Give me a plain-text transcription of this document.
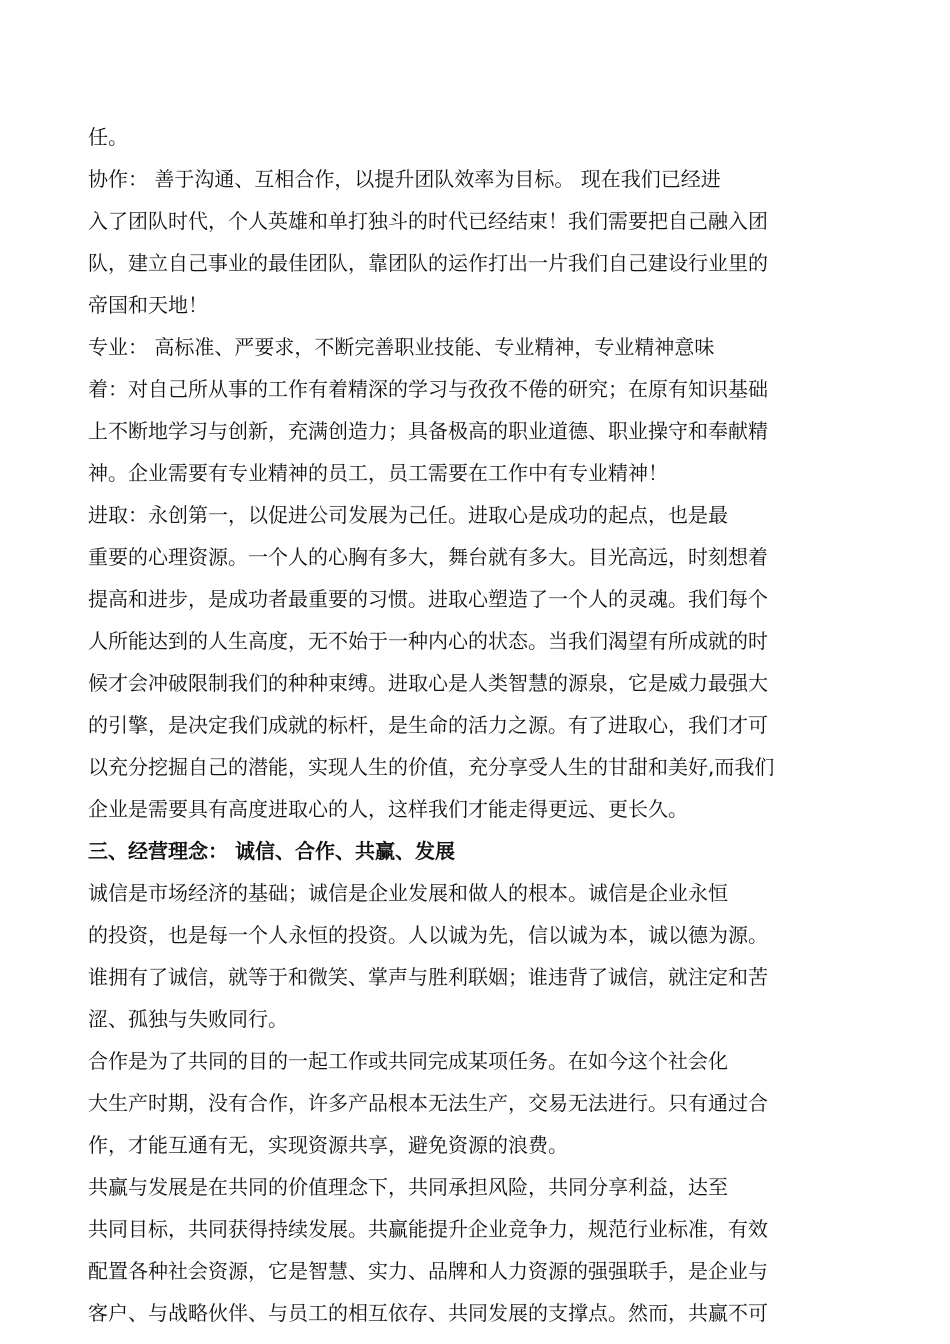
任。
协作： 善于沟通、互相合作，以提升团队效率为目标。 现在我们已经进
入了团队时代，个人英雄和单打独斗的时代已经结束！我们需要把自己融入团
队，建立自己事业的最佳团队，靠团队的运作打出一片我们自己建设行业里的
帝国和天地！
专业： 高标准、严要求，不断完善职业技能、专业精神，专业精神意味
着：对自己所从事的工作有着精深的学习与孜孜不倦的研究；在原有知识基础
上不断地学习与创新，充满创造力；具备极高的职业道德、职业操守和奉献精
神。企业需要有专业精神的员工，员工需要在工作中有专业精神！
进取：永创第一，以促进公司发展为己任。进取心是成功的起点，也是最
重要的心理资源。一个人的心胸有多大，舞台就有多大。目光高远，时刻想着
提高和进步，是成功者最重要的习惯。进取心塑造了一个人的灵魂。我们每个
人所能达到的人生高度，无不始于一种内心的状态。当我们渴望有所成就的时
候才会冲破限制我们的种种束缚。进取心是人类智慧的源泉，它是威力最强大
的引擎，是决定我们成就的标杆，是生命的活力之源。有了进取心，我们才可
以充分挖掘自己的潜能，实现人生的价值，充分享受人生的甘甜和美好,而我们
企业是需要具有高度进取心的人，这样我们才能走得更远、更长久。
三、经营理念： 诚信、合作、共赢、发展
诚信是市场经济的基础；诚信是企业发展和做人的根本。诚信是企业永恒
的投资，也是每一个人永恒的投资。人以诚为先，信以诚为本，诚以德为源。
谁拥有了诚信，就等于和微笑、掌声与胜利联姻；谁违背了诚信，就注定和苦
涩、孤独与失败同行。
合作是为了共同的目的一起工作或共同完成某项任务。在如今这个社会化
大生产时期，没有合作，许多产品根本无法生产，交易无法进行。只有通过合
作，才能互通有无，实现资源共享，避免资源的浪费。
共赢与发展是在共同的价值理念下，共同承担风险，共同分享利益，达至
共同目标，共同获得持续发展。共赢能提升企业竞争力，规范行业标准，有效
配置各种社会资源，它是智慧、实力、品牌和人力资源的强强联手，是企业与
客户、与战略伙伴、与员工的相互依存、共同发展的支撑点。然而，共赢不可
